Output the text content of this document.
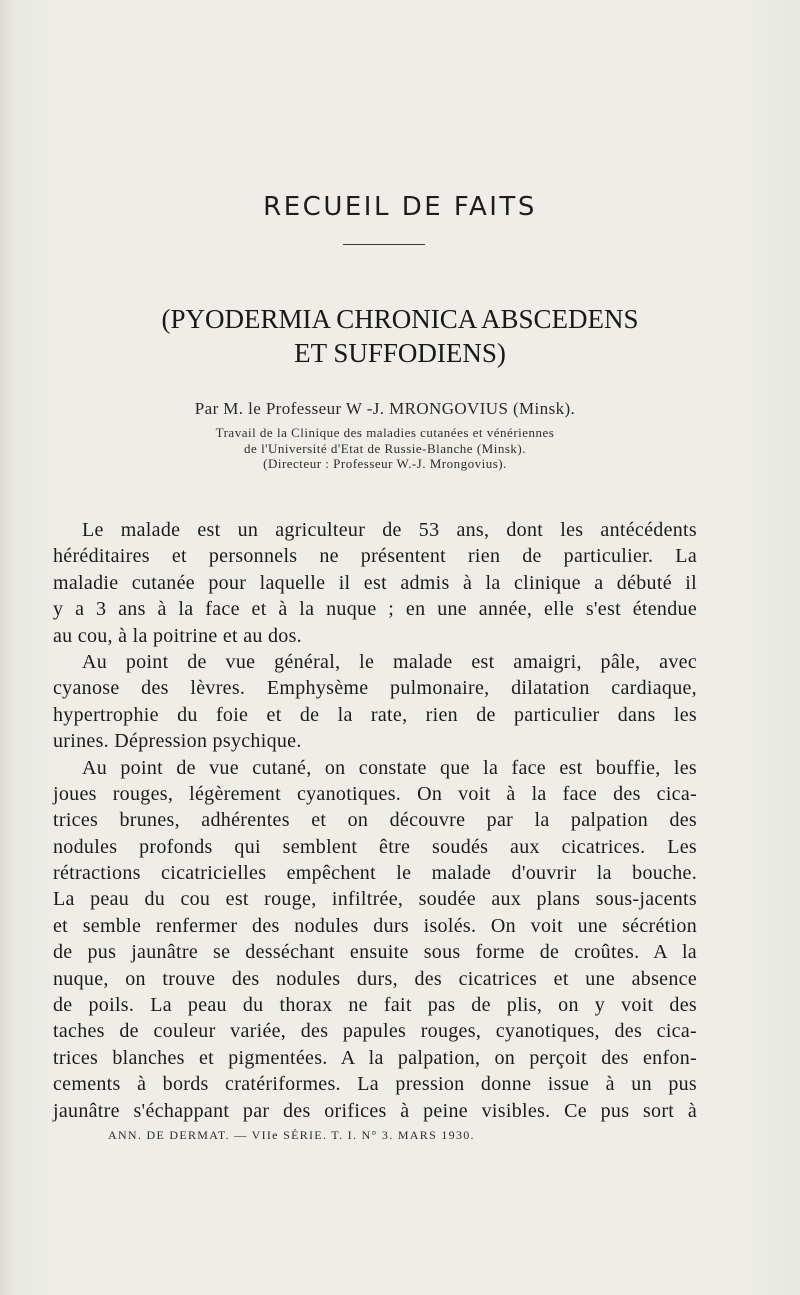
RECUEIL DE FAITS
(PYODERMIA CHRONICA ABSCEDENS
ET SUFFODIENS)
Par M. le Professeur W -J. MRONGOVIUS (Minsk).
Travail de la Clinique des maladies cutanées et vénériennes
de l'Université d'Etat de Russie-Blanche (Minsk).
(Directeur : Professeur W.-J. Mrongovius).
Le malade est un agriculteur de 53 ans, dont les antécédents
héréditaires et personnels ne présentent rien de particulier. La
maladie cutanée pour laquelle il est admis à la clinique a débuté il
y a 3 ans à la face et à la nuque ; en une année, elle s'est étendue
au cou, à la poitrine et au dos.
Au point de vue général, le malade est amaigri, pâle, avec
cyanose des lèvres. Emphysème pulmonaire, dilatation cardiaque,
hypertrophie du foie et de la rate, rien de particulier dans les
urines. Dépression psychique.
Au point de vue cutané, on constate que la face est bouffie, les
joues rouges, légèrement cyanotiques. On voit à la face des cica-
trices brunes, adhérentes et on découvre par la palpation des
nodules profonds qui semblent être soudés aux cicatrices. Les
rétractions cicatricielles empêchent le malade d'ouvrir la bouche.
La peau du cou est rouge, infiltrée, soudée aux plans sous-jacents
et semble renfermer des nodules durs isolés. On voit une sécrétion
de pus jaunâtre se desséchant ensuite sous forme de croûtes. A la
nuque, on trouve des nodules durs, des cicatrices et une absence
de poils. La peau du thorax ne fait pas de plis, on y voit des
taches de couleur variée, des papules rouges, cyanotiques, des cica-
trices blanches et pigmentées. A la palpation, on perçoit des enfon-
cements à bords cratériformes. La pression donne issue à un pus
jaunâtre s'échappant par des orifices à peine visibles. Ce pus sort à
ANN. DE DERMAT. — VIIe SÉRIE. T. I. N° 3. MARS 1930.
